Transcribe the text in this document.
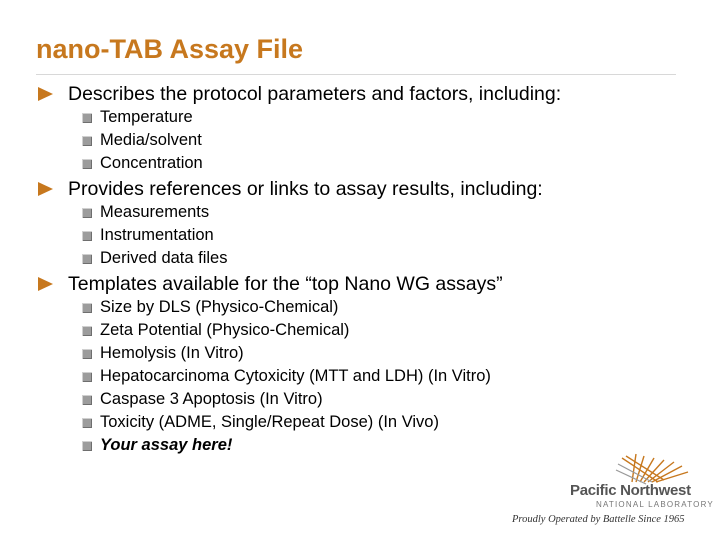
nano-TAB Assay File
Describes the protocol parameters and factors, including:
Temperature
Media/solvent
Concentration
Provides references or links to assay results, including:
Measurements
Instrumentation
Derived data files
Templates available for the “top Nano WG assays”
Size by DLS (Physico-Chemical)
Zeta Potential (Physico-Chemical)
Hemolysis (In Vitro)
Hepatocarcinoma Cytoxicity (MTT and LDH) (In Vitro)
Caspase 3 Apoptosis (In Vitro)
Toxicity (ADME, Single/Repeat Dose) (In Vivo)
Your assay here!
Pacific Northwest
NATIONAL LABORATORY
Proudly Operated by Battelle Since 1965
